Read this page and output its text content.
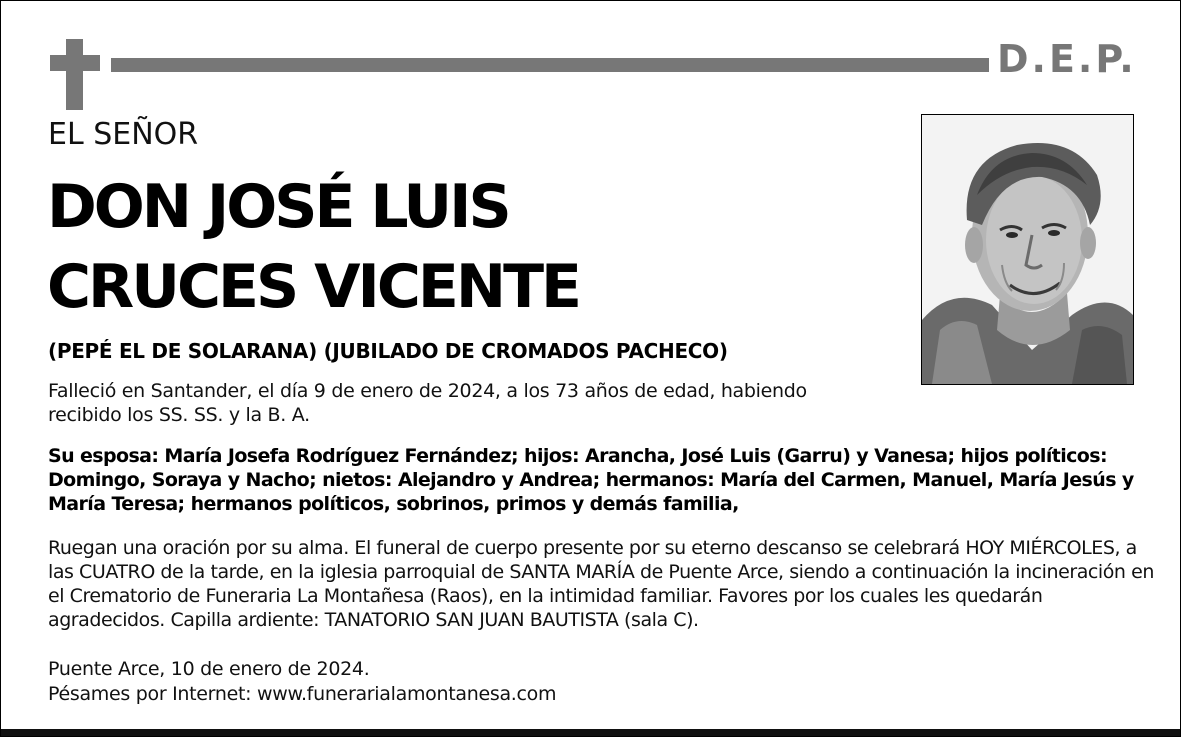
D.E.P.
EL SEÑOR
DON JOSÉ LUIS
CRUCES VICENTE
(PEPÉ EL DE SOLARANA) (JUBILADO DE CROMADOS PACHECO)
Falleció en Santander, el día 9 de enero de 2024, a los 73 años de edad, habiendo recibido los SS. SS. y la B. A.
Su esposa: María Josefa Rodríguez Fernández; hijos: Arancha, José Luis (Garru) y Vanesa; hijos políticos: Domingo, Soraya y Nacho; nietos: Alejandro y Andrea; hermanos: María del Carmen, Manuel, María Jesús y María Teresa; hermanos políticos, sobrinos, primos y demás familia,
Ruegan una oración por su alma. El funeral de cuerpo presente por su eterno descanso se celebrará HOY MIÉRCOLES, a las CUATRO de la tarde, en la iglesia parroquial de SANTA MARÍA de Puente Arce, siendo a continuación la incineración en el Crematorio de Funeraria La Montañesa (Raos), en la intimidad familiar. Favores por los cuales les quedarán agradecidos. Capilla ardiente: TANATORIO SAN JUAN BAUTISTA (sala C).
Puente Arce, 10 de enero de 2024.
Pésames por Internet: www.funerarialamontanesa.com
